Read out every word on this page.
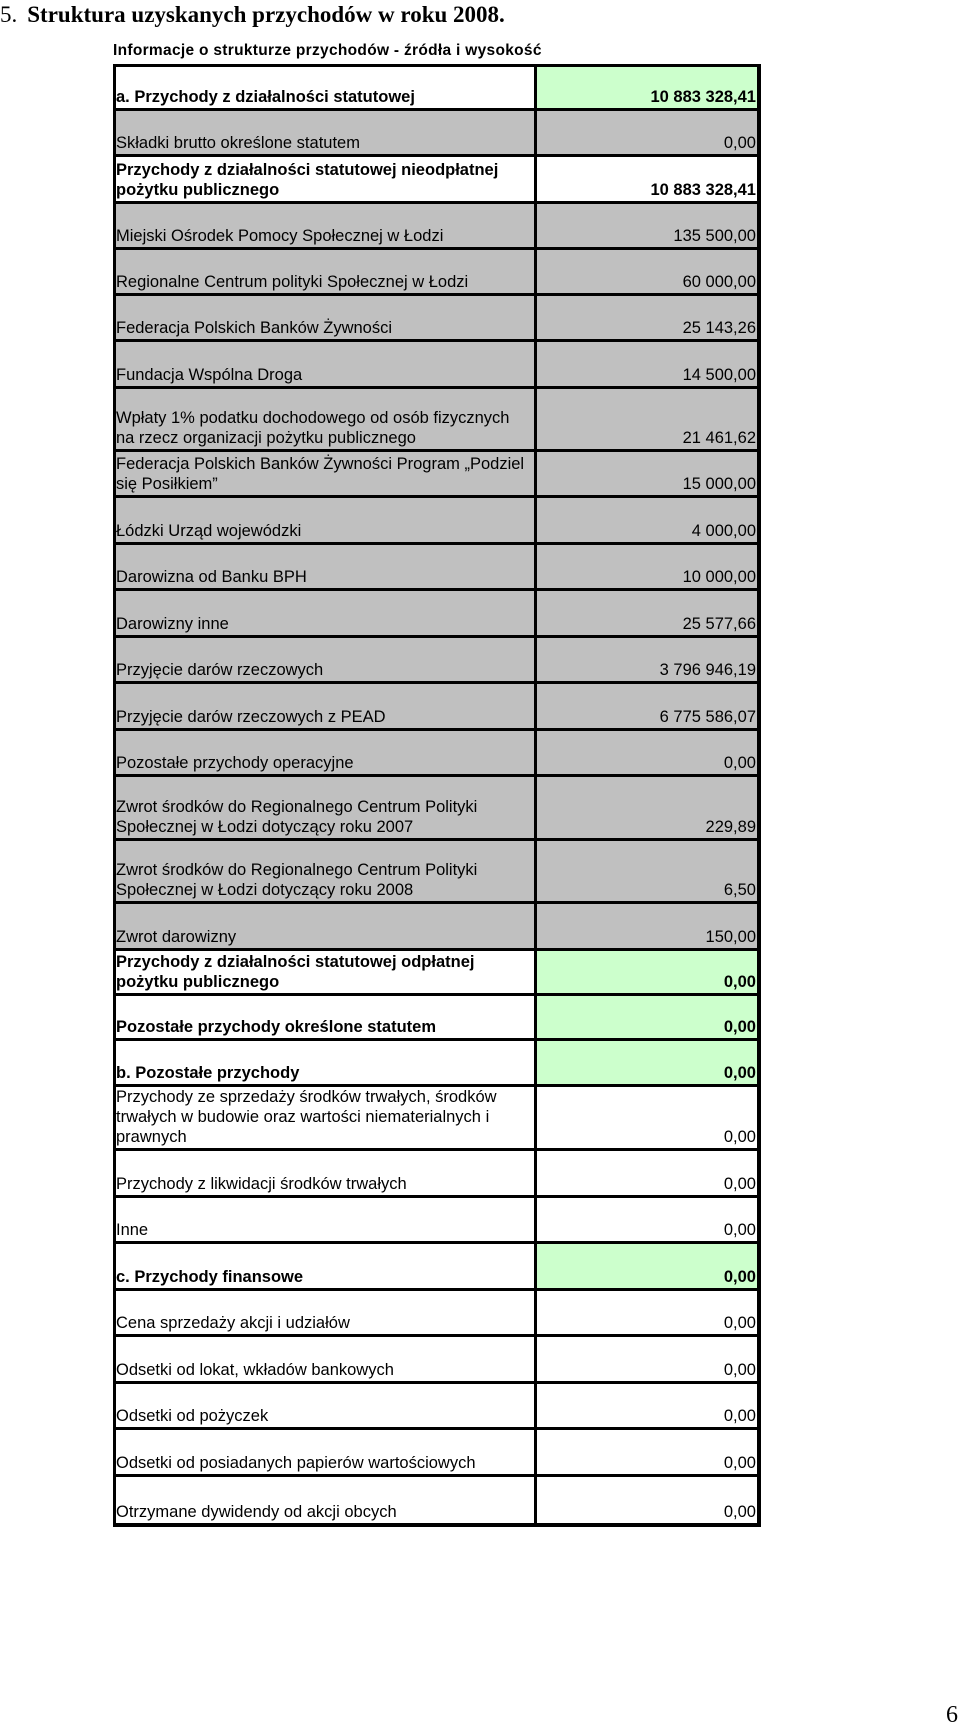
5. Struktura uzyskanych przychodów w roku 2008.
Informacje o strukturze przychodów - źródła i wysokość
a. Przychody z działalności statutowej	10 883 328,41
Składki brutto określone statutem	0,00
Przychody z działalności statutowej nieodpłatnej pożytku publicznego	10 883 328,41
Miejski Ośrodek Pomocy Społecznej w Łodzi	135 500,00
Regionalne Centrum polityki Społecznej w Łodzi	60 000,00
Federacja Polskich Banków Żywności	25 143,26
Fundacja Wspólna Droga	14 500,00
Wpłaty 1% podatku dochodowego od osób fizycznych na rzecz organizacji pożytku publicznego	21 461,62
Federacja Polskich Banków Żywności Program „Podziel się Posiłkiem”	15 000,00
Łódzki Urząd wojewódzki	4 000,00
Darowizna od Banku BPH	10 000,00
Darowizny inne	25 577,66
Przyjęcie darów rzeczowych	3 796 946,19
Przyjęcie darów rzeczowych z PEAD	6 775 586,07
Pozostałe przychody operacyjne	0,00
Zwrot środków do Regionalnego Centrum Polityki Społecznej w Łodzi dotyczący roku 2007	229,89
Zwrot środków do Regionalnego Centrum Polityki Społecznej w Łodzi dotyczący roku 2008	6,50
Zwrot darowizny	150,00
Przychody z działalności statutowej odpłatnej pożytku publicznego	0,00
Pozostałe przychody określone statutem	0,00
b. Pozostałe przychody	0,00
Przychody ze sprzedaży środków trwałych, środków trwałych w budowie oraz wartości niematerialnych i prawnych	0,00
Przychody z likwidacji środków trwałych	0,00
Inne	0,00
c. Przychody finansowe	0,00
Cena sprzedaży akcji i udziałów	0,00
Odsetki od lokat, wkładów bankowych	0,00
Odsetki od pożyczek	0,00
Odsetki od posiadanych papierów wartościowych	0,00
Otrzymane dywidendy od akcji obcych	0,00
6
